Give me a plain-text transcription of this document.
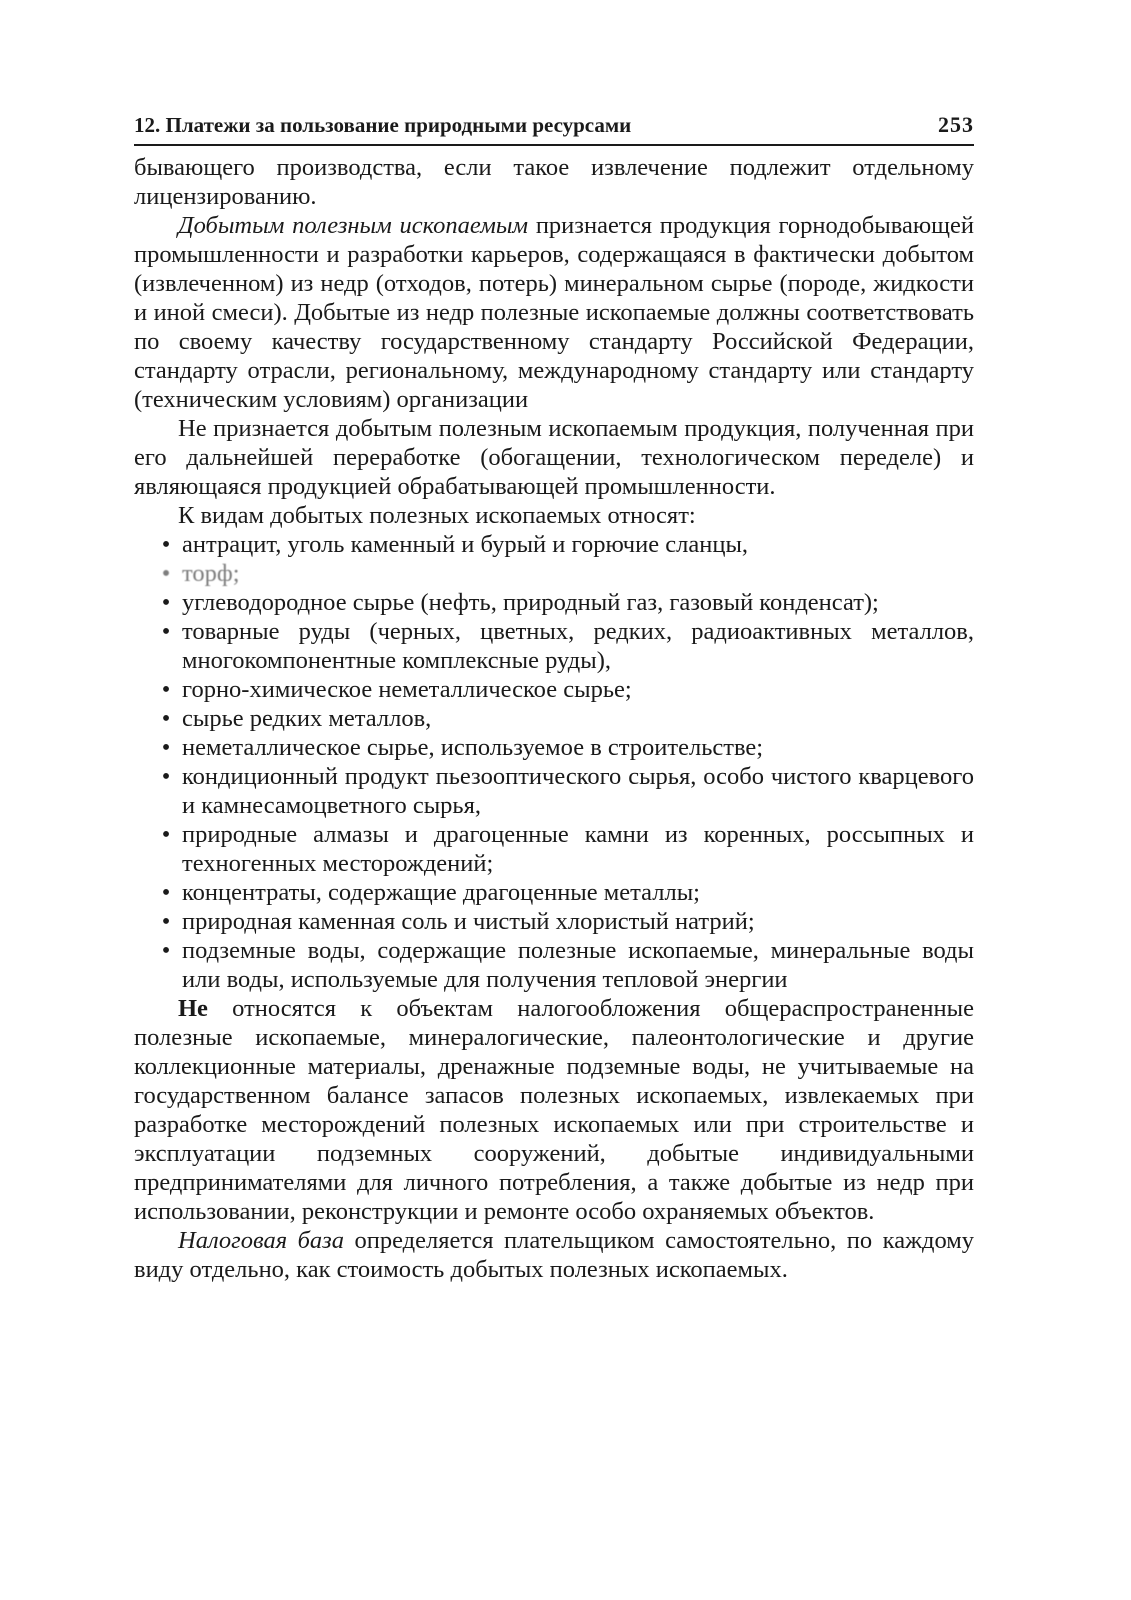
12. Платежи за пользование природными ресурсами	253

бывающего производства, если такое извлечение подлежит отдельному лицензированию.

Добытым полезным ископаемым признается продукция горнодобывающей промышленности и разработки карьеров, содержащаяся в фактически добытом (извлеченном) из недр (отходов, потерь) минеральном сырье (породе, жидкости и иной смеси). Добытые из недр полезные ископаемые должны соответствовать по своему качеству государственному стандарту Российской Федерации, стандарту отрасли, региональному, международному стандарту или стандарту (техническим условиям) организации

Не признается добытым полезным ископаемым продукция, полученная при его дальнейшей переработке (обогащении, технологическом переделе) и являющаяся продукцией обрабатывающей промышленности.

К видам добытых полезных ископаемых относят:

• антрацит, уголь каменный и бурый и горючие сланцы,
• торф;
• углеводородное сырье (нефть, природный газ, газовый конденсат);
• товарные руды (черных, цветных, редких, радиоактивных металлов, многокомпонентные комплексные руды),
• горно-химическое неметаллическое сырье;
• сырье редких металлов,
• неметаллическое сырье, используемое в строительстве;
• кондиционный продукт пьезооптического сырья, особо чистого кварцевого и камнесамоцветного сырья,
• природные алмазы и драгоценные камни из коренных, россыпных и техногенных месторождений;
• концентраты, содержащие драгоценные металлы;
• природная каменная соль и чистый хлористый натрий;
• подземные воды, содержащие полезные ископаемые, минеральные воды или воды, используемые для получения тепловой энергии

Не относятся к объектам налогообложения общераспространенные полезные ископаемые, минералогические, палеонтологические и другие коллекционные материалы, дренажные подземные воды, не учитываемые на государственном балансе запасов полезных ископаемых, извлекаемых при разработке месторождений полезных ископаемых или при строительстве и эксплуатации подземных сооружений, добытые индивидуальными предпринимателями для личного потребления, а также добытые из недр при использовании, реконструкции и ремонте особо охраняемых объектов.

Налоговая база определяется плательщиком самостоятельно, по каждому виду отдельно, как стоимость добытых полезных ископаемых.
